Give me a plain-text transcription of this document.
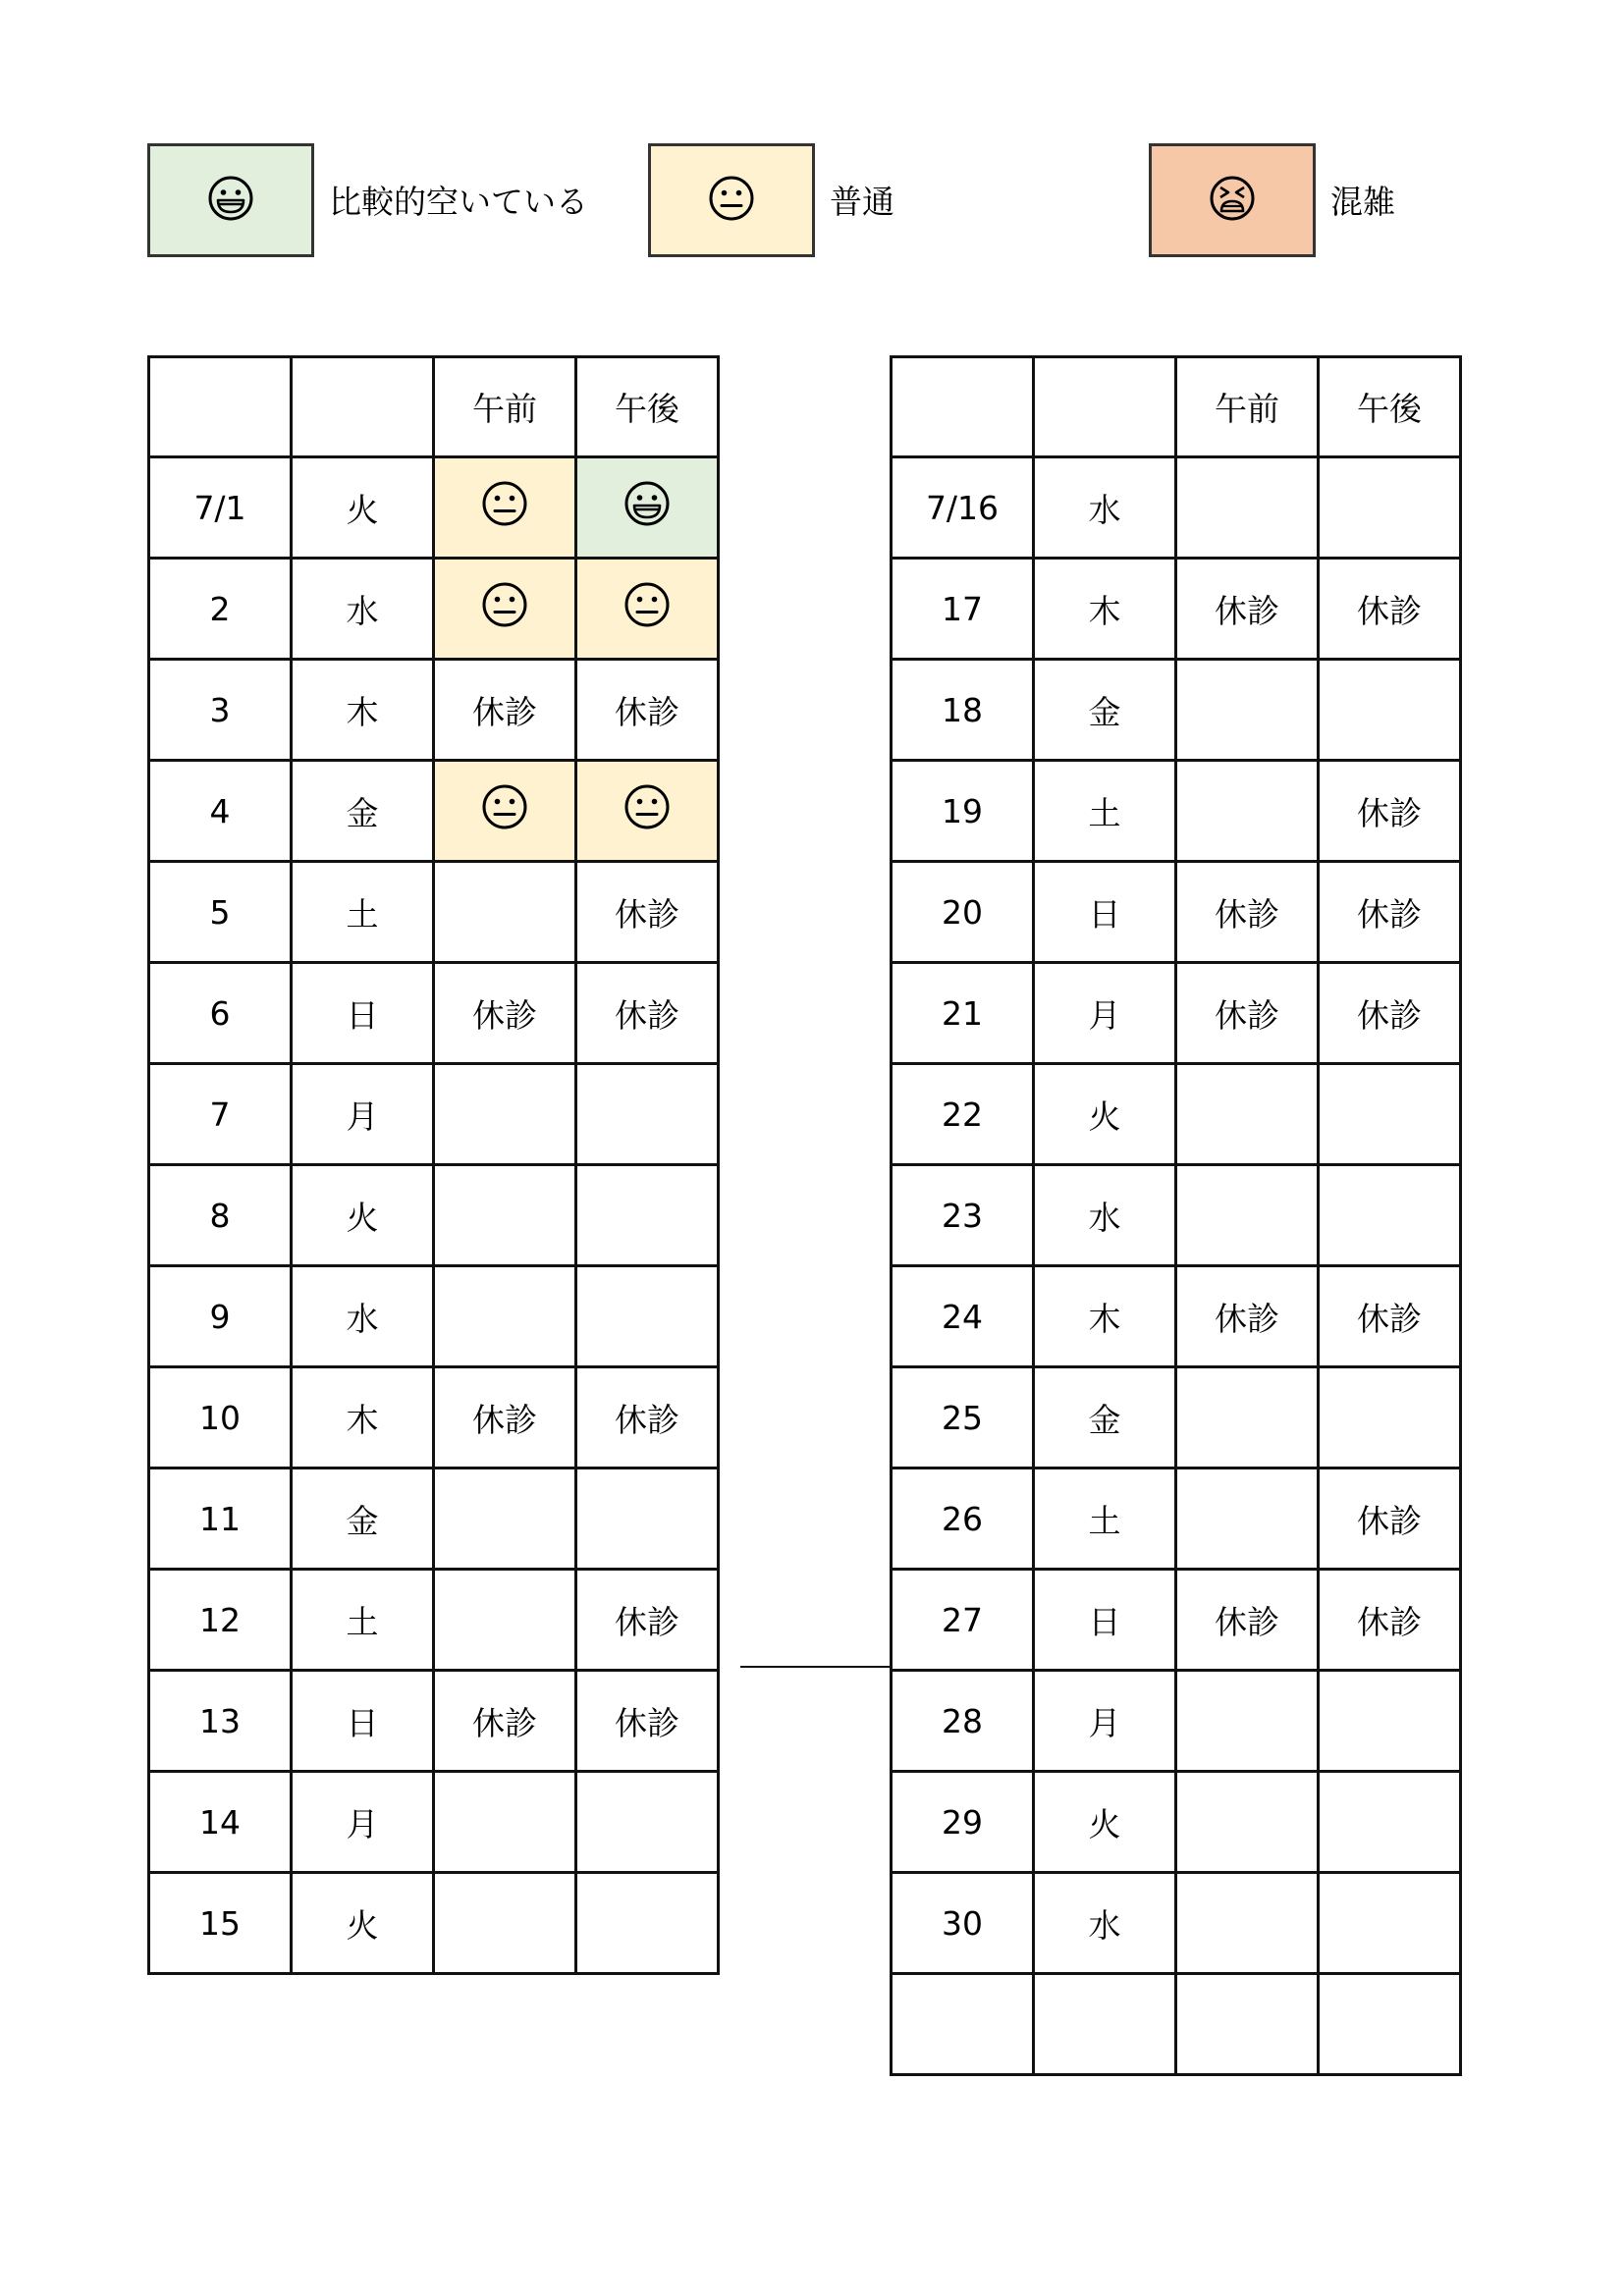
比較的空いている	普通	混雑
		午前	午後
7/1	火	

2	水	

3	木	休診	休診
4	金	

5	土		休診
6	日	休診	休診
7	月		
8	火		
9	水		
10	木	休診	休診
11	金		
12	土		休診
13	日	休診	休診
14	月		
15	火		
		午前	午後
7/16	水		
17	木	休診	休診
18	金		
19	土		休診
20	日	休診	休診
21	月	休診	休診
22	火		
23	水		
24	木	休診	休診
25	金		
26	土		休診
27	日	休診	休診
28	月		
29	火		
30	水		
